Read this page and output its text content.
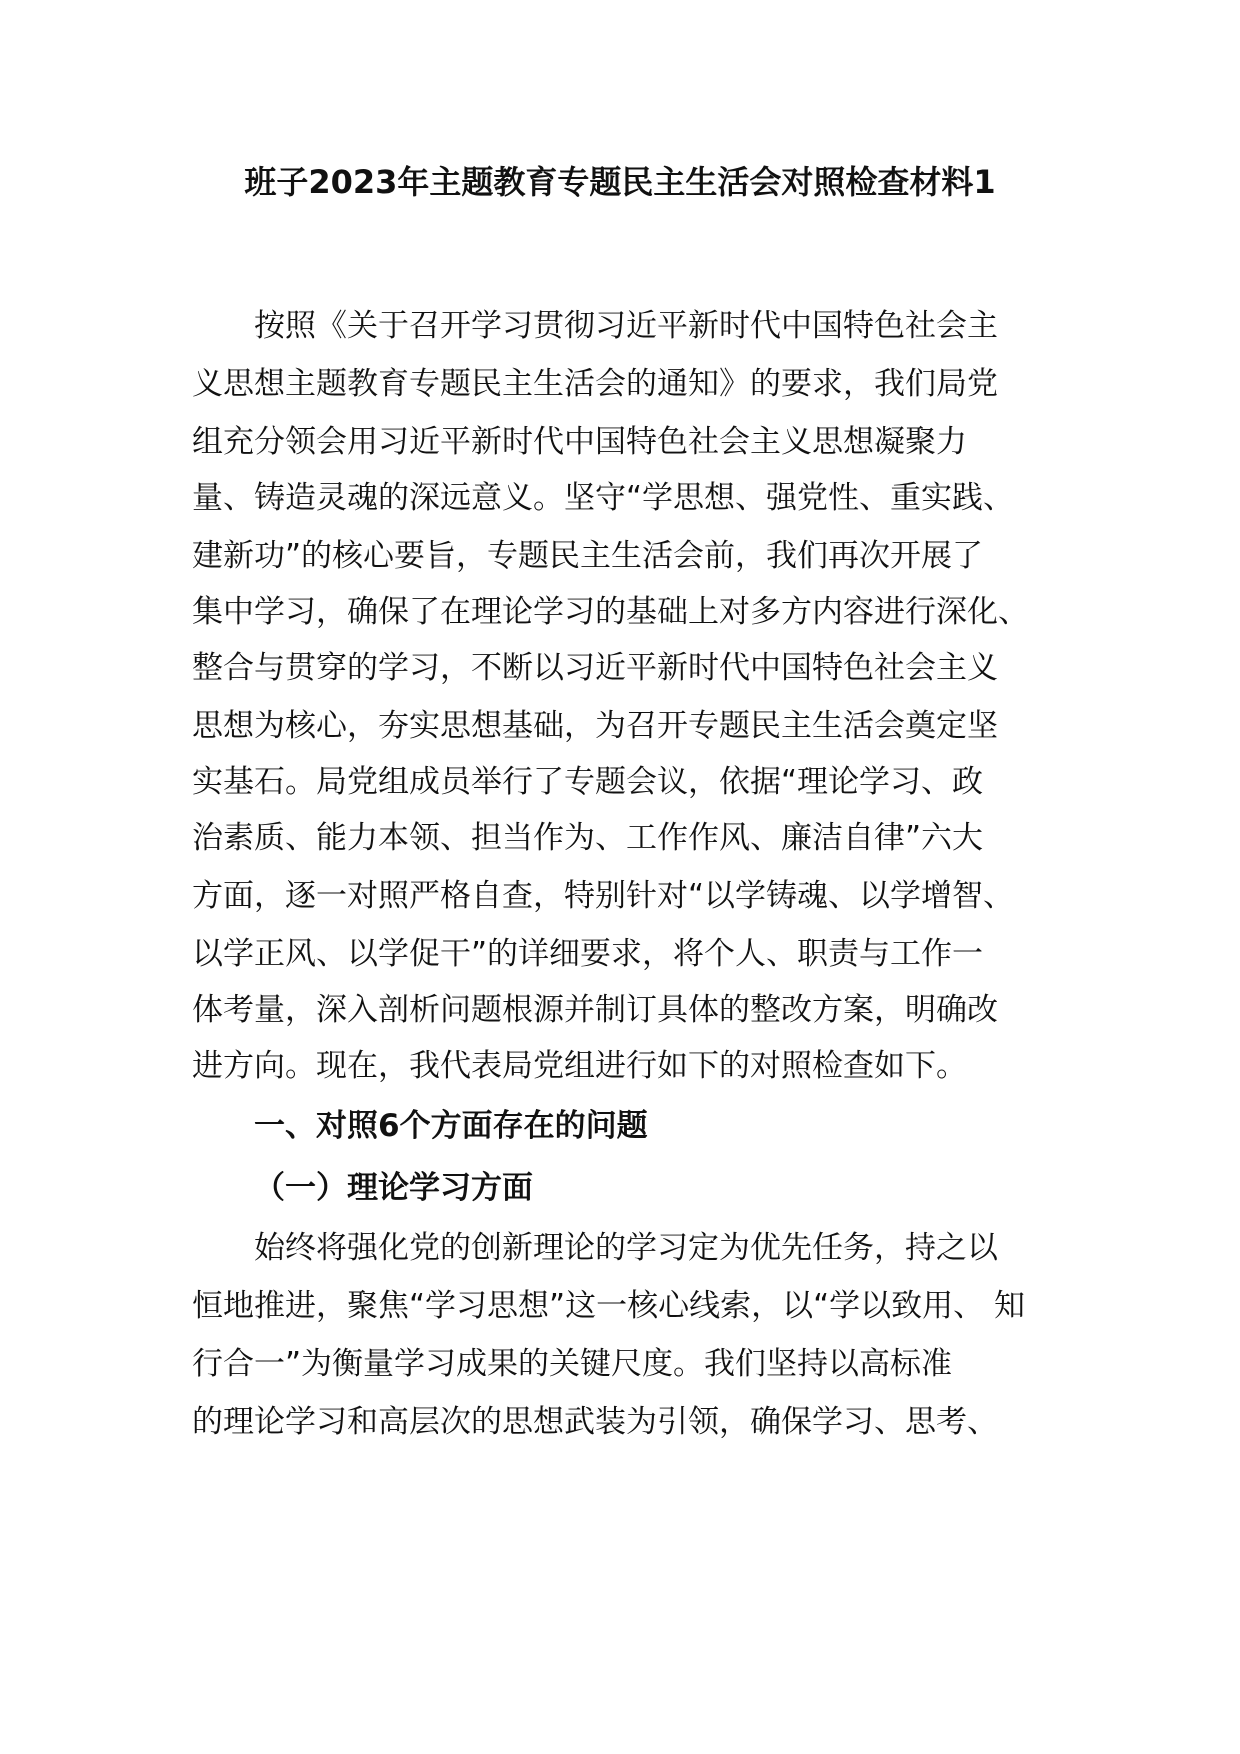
班子2023年主题教育专题民主生活会对照检查材料1

按照《关于召开学习贯彻习近平新时代中国特色社会主

义思想主题教育专题民主生活会的通知》的要求，我们局党

组充分领会用习近平新时代中国特色社会主义思想凝聚力

量、铸造灵魂的深远意义。坚守“学思想、强党性、重实践、

建新功”的核心要旨，专题民主生活会前，我们再次开展了

集中学习，确保了在理论学习的基础上对多方内容进行深化、

整合与贯穿的学习，不断以习近平新时代中国特色社会主义

思想为核心，夯实思想基础，为召开专题民主生活会奠定坚

实基石。局党组成员举行了专题会议，依据“理论学习、政

治素质、能力本领、担当作为、工作作风、廉洁自律”六大

方面，逐一对照严格自查，特别针对“以学铸魂、以学增智、

以学正风、以学促干”的详细要求，将个人、职责与工作一

体考量，深入剖析问题根源并制订具体的整改方案，明确改

进方向。现在，我代表局党组进行如下的对照检查如下。

一、对照6个方面存在的问题

（一）理论学习方面

始终将强化党的创新理论的学习定为优先任务，持之以

恒地推进，聚焦“学习思想”这一核心线索，以“学以致用、 知

行合一”为衡量学习成果的关键尺度。我们坚持以高标准

的理论学习和高层次的思想武装为引领，确保学习、思考、
